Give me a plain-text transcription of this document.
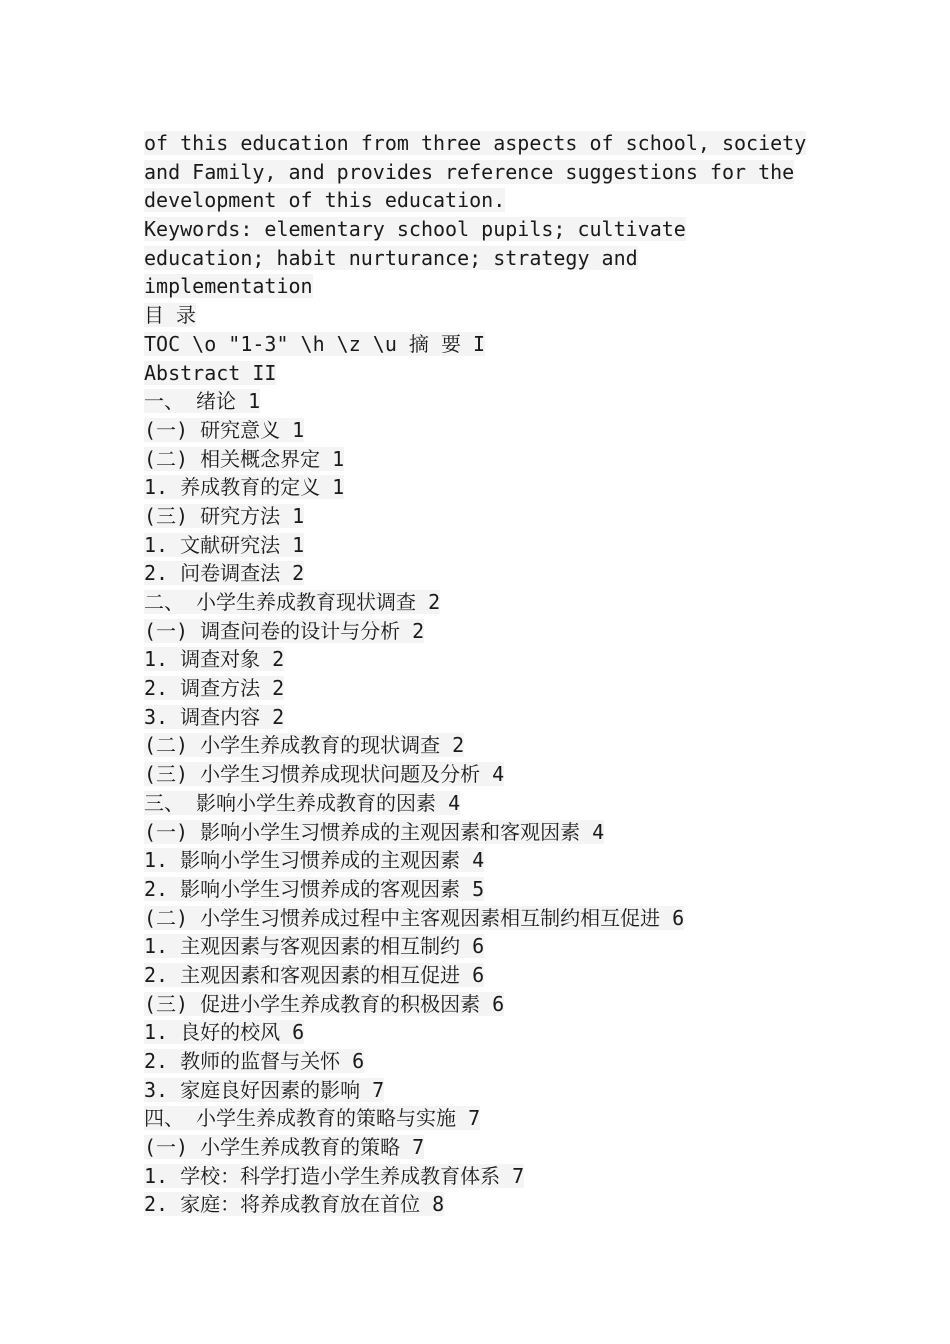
of this education from three aspects of school, society
and Family, and provides reference suggestions for the
development of this education.
Keywords: elementary school pupils; cultivate
education; habit nurturance; strategy and
implementation
目 录
TOC \o "1-3" \h \z \u 摘 要 I
Abstract II
一、 绪论 1
(一) 研究意义 1
(二) 相关概念界定 1
1. 养成教育的定义 1
(三) 研究方法 1
1. 文献研究法 1
2. 问卷调查法 2
二、 小学生养成教育现状调查 2
(一) 调查问卷的设计与分析 2
1. 调查对象 2
2. 调查方法 2
3. 调查内容 2
(二) 小学生养成教育的现状调查 2
(三) 小学生习惯养成现状问题及分析 4
三、 影响小学生养成教育的因素 4
(一) 影响小学生习惯养成的主观因素和客观因素 4
1. 影响小学生习惯养成的主观因素 4
2. 影响小学生习惯养成的客观因素 5
(二) 小学生习惯养成过程中主客观因素相互制约相互促进 6
1. 主观因素与客观因素的相互制约 6
2. 主观因素和客观因素的相互促进 6
(三) 促进小学生养成教育的积极因素 6
1. 良好的校风 6
2. 教师的监督与关怀 6
3. 家庭良好因素的影响 7
四、 小学生养成教育的策略与实施 7
(一) 小学生养成教育的策略 7
1. 学校：科学打造小学生养成教育体系 7
2. 家庭：将养成教育放在首位 8
